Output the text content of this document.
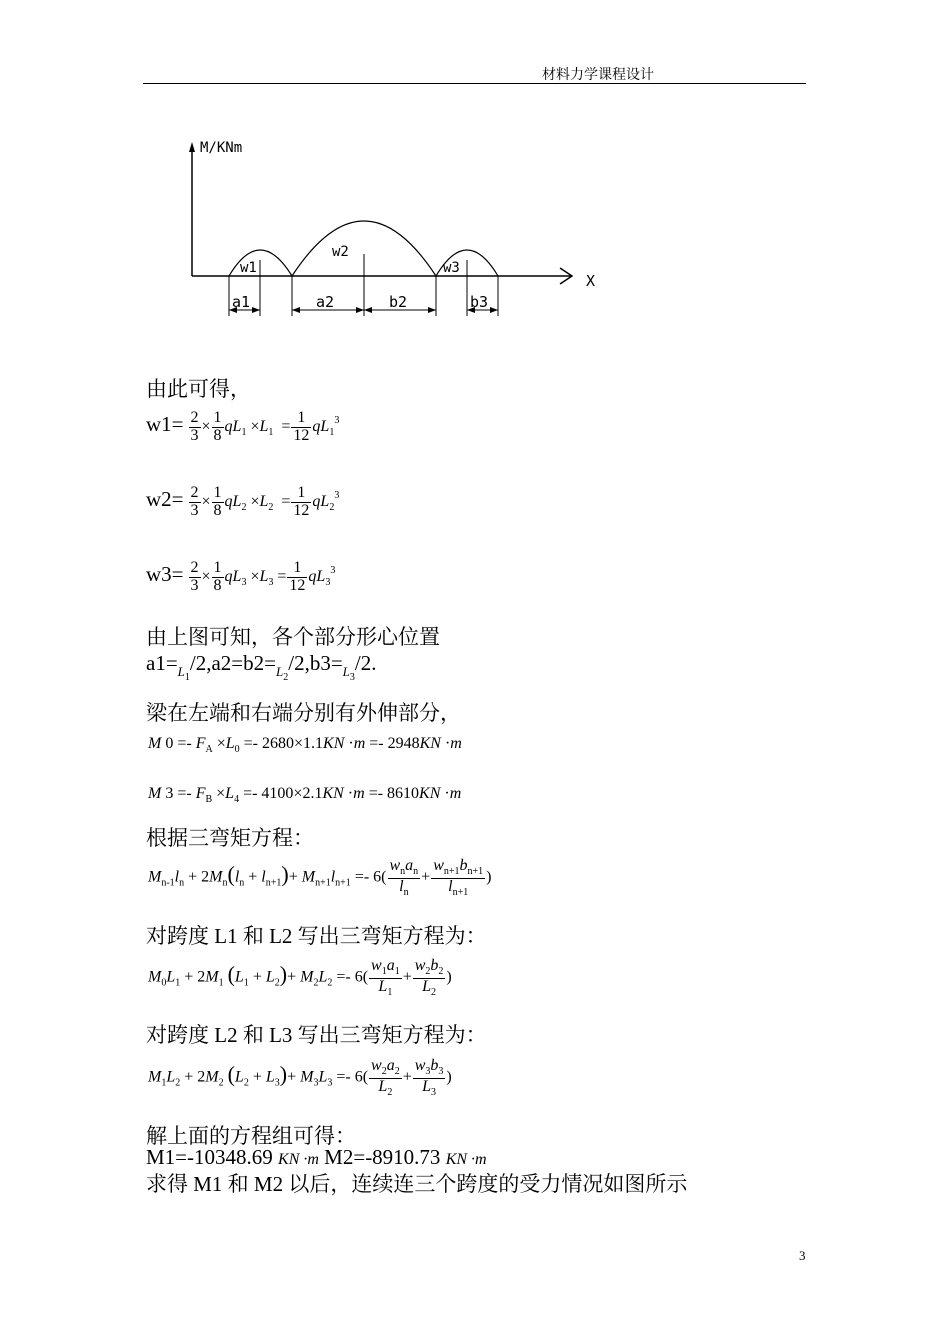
材料力学课程设计
M/KNm
X
w1
w2
w3
a1	a2	b2	b3
由此可得，
$w1= \frac{2}{3} \times \frac{1}{8} qL_1 \times L_1 = \frac{1}{12} qL_1^3$
$w2= \frac{2}{3} \times \frac{1}{8} qL_2 \times L_2 = \frac{1}{12} qL_2^3$
$w3= \frac{2}{3} \times \frac{1}{8} qL_3 \times L_3 = \frac{1}{12} qL_3^3$
由上图可知，各个部分形心位置
$a1=_{L_1}/2,a2=b2=_{L_2}/2,b3=_{L_3}/2$.
梁在左端和右端分别有外伸部分，
M $0 =- F_A \times L_0 =- 2680\times 1.1KN \cdot m =- 2948KN \cdot m$
M $3 =- F_B \times L_4 =- 4100\times 2.1KN \cdot m =- 8610KN \cdot m$
根据三弯矩方程：
$M_{n-1}l_n + 2M_n(l_n + l_{n+1})+ M_{n+1}l_{n+1} =- 6( \frac{w_na_n}{l_n} + \frac{w_{n+1}b_{n+1}}{l_{n+1}}$ )
对跨度 L1 和 L2 写出三弯矩方程为：
$M_0L_1 + 2M_1$ $(L_1 + L_2)+ M_2L_2 =- 6( \frac{w_1a_1}{L_1} + \frac{w_2b_2}{L_2}$ )
对跨度 L2 和 L3 写出三弯矩方程为：
$M_1L_2 + 2M_2$ $(L_2 + L_3)+ M_3L_3 =- 6( \frac{w_2a_2}{L_2} + \frac{w_3b_3}{L_3}$ )
解上面的方程组可得：
M1=-10348.69 KN ·m M2=-8910.73 KN ·m
求得 M1 和 M2 以后，连续连三个跨度的受力情况如图所示
3
